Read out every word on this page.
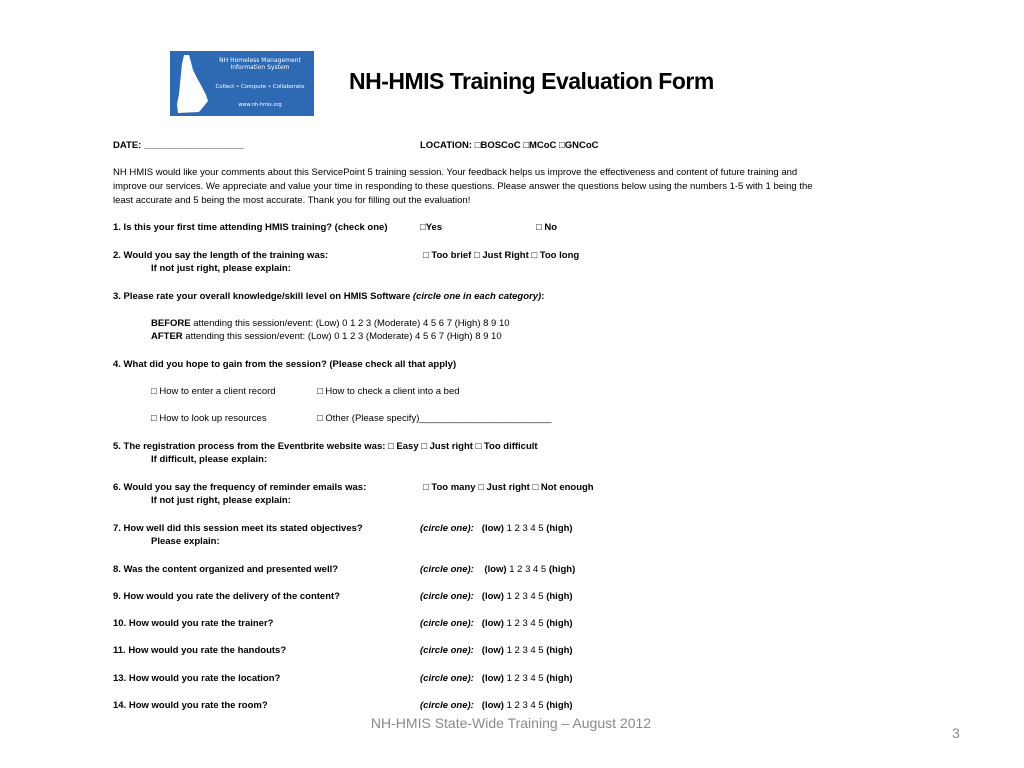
NH Homeless Management
Information System
Collect • Compute • Collaborate
www.nh-hmis.org
NH-HMIS Training Evaluation Form
DATE: ___________________	LOCATION: □BOSCoC □MCoC □GNCoC
NH HMIS would like your comments about this ServicePoint 5 training session. Your feedback helps us improve the effectiveness and content of future training and improve our services. We appreciate and value your time in responding to these questions. Please answer the questions below using the numbers 1-5 with 1 being the least accurate and 5 being the most accurate. Thank you for filling out the evaluation!
1. Is this your first time attending HMIS training? (check one)	□Yes	□ No
2. Would you say the length of the training was:	□ Too brief □ Just Right □ Too long
If not just right, please explain:
3. Please rate your overall knowledge/skill level on HMIS Software (circle one in each category):
BEFORE attending this session/event: (Low) 0 1 2 3 (Moderate) 4 5 6 7 (High) 8 9 10
AFTER attending this session/event: (Low) 0 1 2 3 (Moderate) 4 5 6 7 (High) 8 9 10
4. What did you hope to gain from the session? (Please check all that apply)
□ How to enter a client record	□ How to check a client into a bed
□ How to look up resources	□ Other (Please specify)_________________________
5. The registration process from the Eventbrite website was: □ Easy □ Just right □ Too difficult
If difficult, please explain:
6. Would you say the frequency of reminder emails was:	□ Too many □ Just right □ Not enough
If not just right, please explain:
7. How well did this session meet its stated objectives?	(circle one): (low) 1 2 3 4 5 (high)
Please explain:
8. Was the content organized and presented well?	(circle one): (low) 1 2 3 4 5 (high)
9. How would you rate the delivery of the content?	(circle one): (low) 1 2 3 4 5 (high)
10. How would you rate the trainer?	(circle one): (low) 1 2 3 4 5 (high)
11. How would you rate the handouts?	(circle one): (low) 1 2 3 4 5 (high)
13. How would you rate the location?	(circle one): (low) 1 2 3 4 5 (high)
14. How would you rate the room?	(circle one): (low) 1 2 3 4 5 (high)
NH-HMIS State-Wide Training – August 2012
3
